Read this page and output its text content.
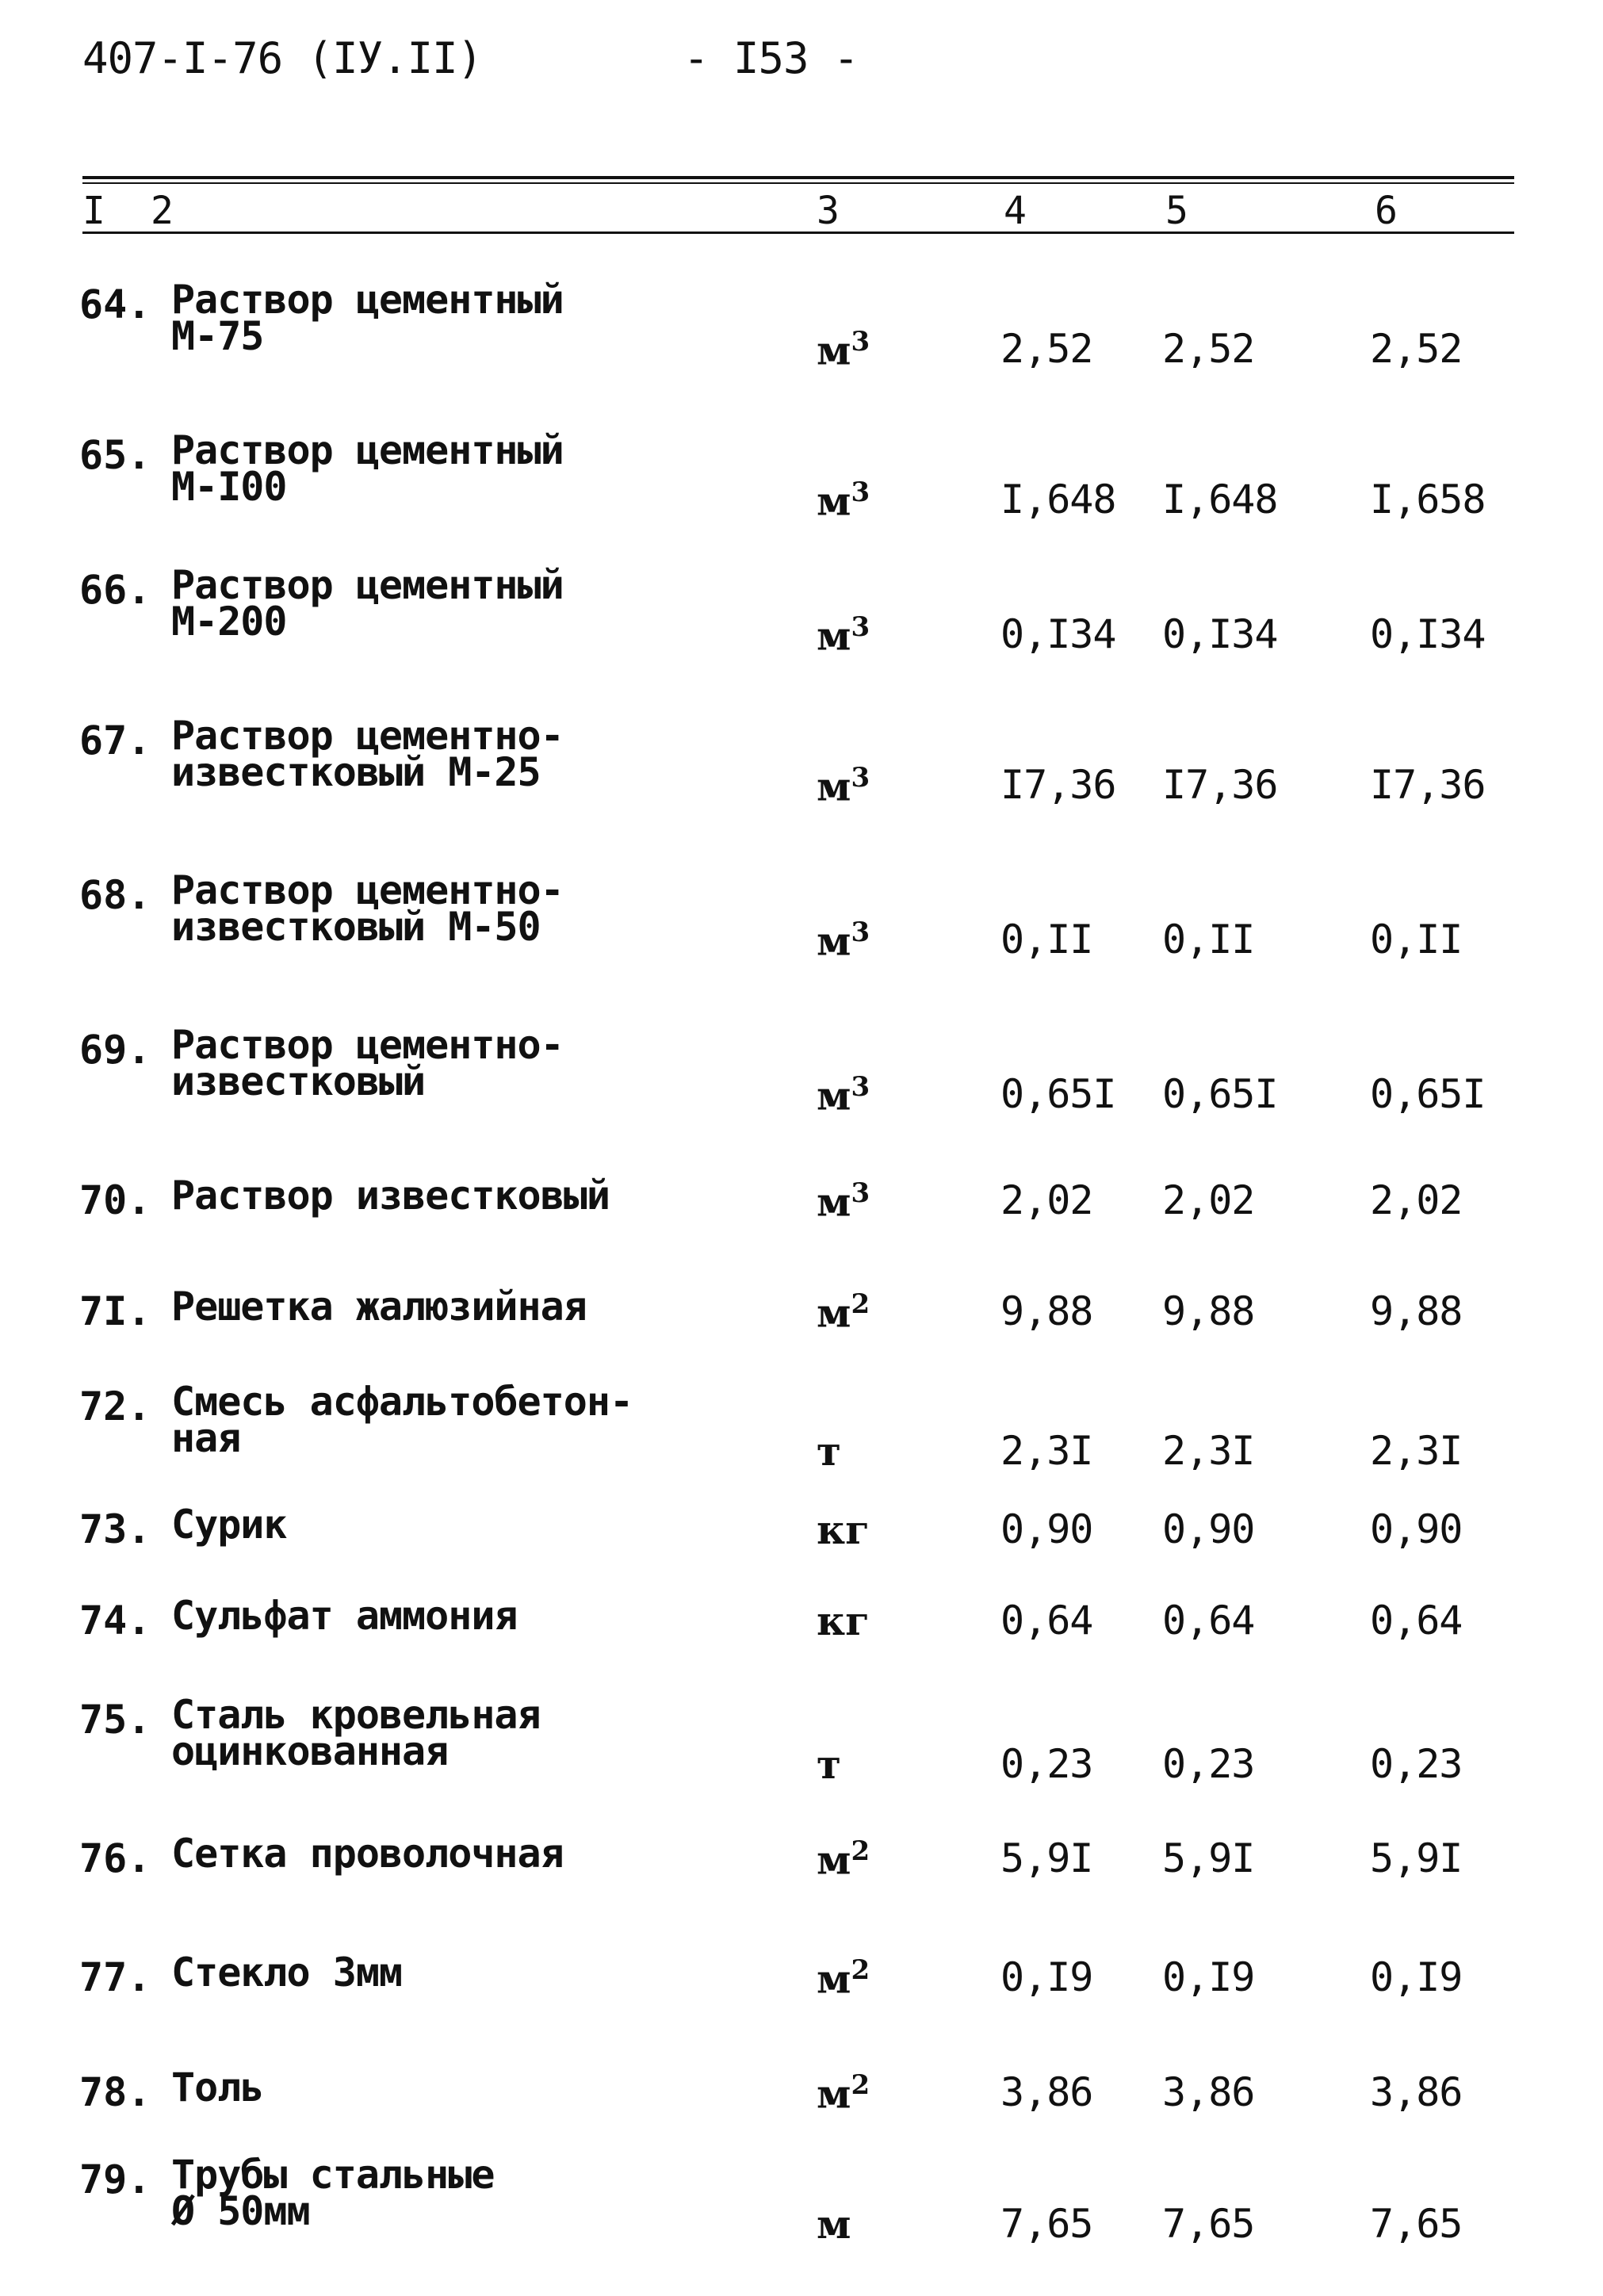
407-I-76 (IУ.II)	- I53 -
I 2	3	4	5	6
64. Раствор цементный
М-75	$м^3$	2,52 2,52	2,52
65. Раствор цементный
М-I00	$м^3$	I,648 I,648 I,658
66. Раствор цементный
М-200	$м^3$	0,I34 0,I34 0,I34
67. Раствор цементно-
известковый М-25	$м^3$	I7,36 I7,36 I7,36
68. Раствор цементно-
известковый М-50	$м^3$	0,II 0,II	0,II
69. Раствор цементно-
известковый	$м^3$	0,65I 0,65I 0,65I
70. Раствор известковый	$м^3$	2,02 2,02	2,02
7I. Решетка жалюзийная	$м^2$	9,88 9,88	9,88
72. Смесь асфальтобетон-
ная	т	2,3I 2,3I	2,3I
73. Сурик	кг	0,90 0,90	0,90
74. Сульфат аммония	кг	0,64 0,64	0,64
75. Сталь кровельная
оцинкованная	т	0,23 0,23	0,23
76. Сетка проволочная	$м^2$	5,9I 5,9I	5,9I
77. Стекло 3мм	$м^2$	0,I9 0,I9	0,I9
78. Толь	$м^2$	3,86 3,86	3,86
79. Трубы стальные
Ø 50мм	м	7,65 7,65	7,65
